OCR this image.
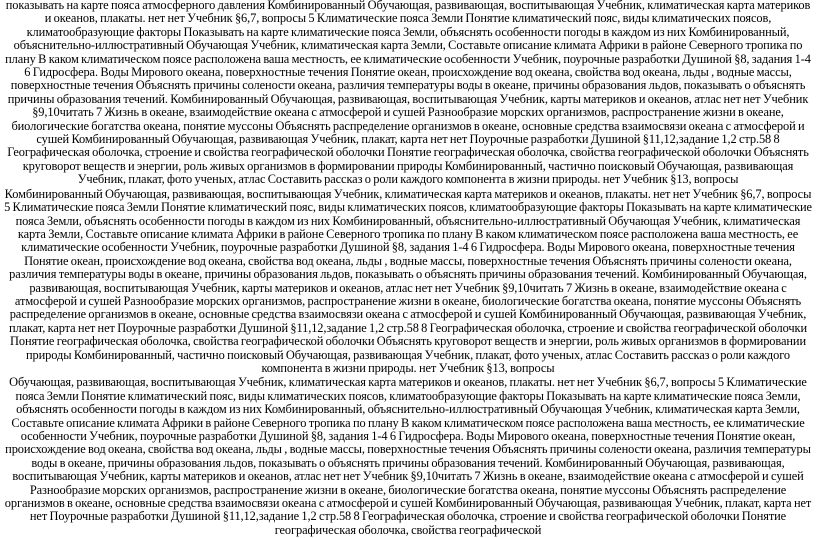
показывать на карте пояса атмосферного давления Комбинированный Обучающая, развивающая, воспитывающая Учебник, климатическая карта материков и океанов, плакаты. нет нет Учебник §6,7, вопросы 5 Климатические пояса Земли Понятие климатический пояс, виды климатических поясов, климатообразующие факторы Показывать на карте климатические пояса Земли, объяснять особенности погоды в каждом из них Комбинированный, объяснительно-иллюстративный Обучающая Учебник, климатическая карта Земли, Составьте описание климата Африки в районе Северного тропика по плану В каком климатическом поясе расположена ваша местность, ее климатические особенности Учебник, поурочные разработки Душиной §8, задания 1-4 6 Гидросфера. Воды Мирового океана, поверхностные течения Понятие океан, происхождение вод океана, свойства вод океана, льды , водные массы, поверхностные течения Объяснять причины солености океана, различия температуры воды в океане, причины образования льдов, показывать о объяснять причины образования течений. Комбинированный Обучающая, развивающая, воспитывающая Учебник, карты материков и океанов, атлас нет нет Учебник §9,10читать 7 Жизнь в океане, взаимодействие океана с атмосферой и сушей Разнообразие морских организмов, распространение жизни в океане, биологические богатства океана, понятие муссоны Объяснять распределение организмов в океане, основные средства взаимосвязи океана с атмосферой и сушей Комбинированный Обучающая, развивающая Учебник, плакат, карта нет нет Поурочные разработки Душиной §11,12,задание 1,2 стр.58 8 Географическая оболочка, строение и свойства географической оболочки Понятие географическая оболочка, свойства географической оболочки Объяснять круговорот веществ и энергии, роль живых организмов в формировании природы Комбинированный, частично поисковый Обучающая, развивающая Учебник, плакат, фото ученых, атлас Составить рассказ о роли каждого компонента в жизни природы. нет Учебник §13, вопросы

Комбинированный Обучающая, развивающая, воспитывающая Учебник, климатическая карта материков и океанов, плакаты. нет нет Учебник §6,7, вопросы 5 Климатические пояса Земли Понятие климатический пояс, виды климатических поясов, климатообразующие факторы Показывать на карте климатические пояса Земли, объяснять особенности погоды в каждом из них Комбинированный, объяснительно-иллюстративный Обучающая Учебник, климатическая карта Земли, Составьте описание климата Африки в районе Северного тропика по плану В каком климатическом поясе расположена ваша местность, ее климатические особенности Учебник, поурочные разработки Душиной §8, задания 1-4 6 Гидросфера. Воды Мирового океана, поверхностные течения Понятие океан, происхождение вод океана, свойства вод океана, льды , водные массы, поверхностные течения Объяснять причины солености океана, различия температуры воды в океане, причины образования льдов, показывать о объяснять причины образования течений. Комбинированный Обучающая, развивающая, воспитывающая Учебник, карты материков и океанов, атлас нет нет Учебник §9,10читать 7 Жизнь в океане, взаимодействие океана с атмосферой и сушей Разнообразие морских организмов, распространение жизни в океане, биологические богатства океана, понятие муссоны Объяснять распределение организмов в океане, основные средства взаимосвязи океана с атмосферой и сушей Комбинированный Обучающая, развивающая Учебник, плакат, карта нет нет Поурочные разработки Душиной §11,12,задание 1,2 стр.58 8 Географическая оболочка, строение и свойства географической оболочки Понятие географическая оболочка, свойства географической оболочки Объяснять круговорот веществ и энергии, роль живых организмов в формировании природы Комбинированный, частично поисковый Обучающая, развивающая Учебник, плакат, фото ученых, атлас Составить рассказ о роли каждого компонента в жизни природы. нет Учебник §13, вопросы

Обучающая, развивающая, воспитывающая Учебник, климатическая карта материков и океанов, плакаты. нет нет Учебник §6,7, вопросы 5 Климатические пояса Земли Понятие климатический пояс, виды климатических поясов, климатообразующие факторы Показывать на карте климатические пояса Земли, объяснять особенности погоды в каждом из них Комбинированный, объяснительно-иллюстративный Обучающая Учебник, климатическая карта Земли, Составьте описание климата Африки в районе Северного тропика по плану В каком климатическом поясе расположена ваша местность, ее климатические особенности Учебник, поурочные разработки Душиной §8, задания 1-4 6 Гидросфера. Воды Мирового океана, поверхностные течения Понятие океан, происхождение вод океана, свойства вод океана, льды , водные массы, поверхностные течения Объяснять причины солености океана, различия температуры воды в океане, причины образования льдов, показывать о объяснять причины образования течений. Комбинированный Обучающая, развивающая, воспитывающая Учебник, карты материков и океанов, атлас нет нет Учебник §9,10читать 7 Жизнь в океане, взаимодействие океана с атмосферой и сушей Разнообразие морских организмов, распространение жизни в океане, биологические богатства океана, понятие муссоны Объяснять распределение организмов в океане, основные средства взаимосвязи океана с атмосферой и сушей Комбинированный Обучающая, развивающая Учебник, плакат, карта нет нет Поурочные разработки Душиной §11,12,задание 1,2 стр.58 8 Географическая оболочка, строение и свойства географической оболочки Понятие географическая оболочка, свойства географической
